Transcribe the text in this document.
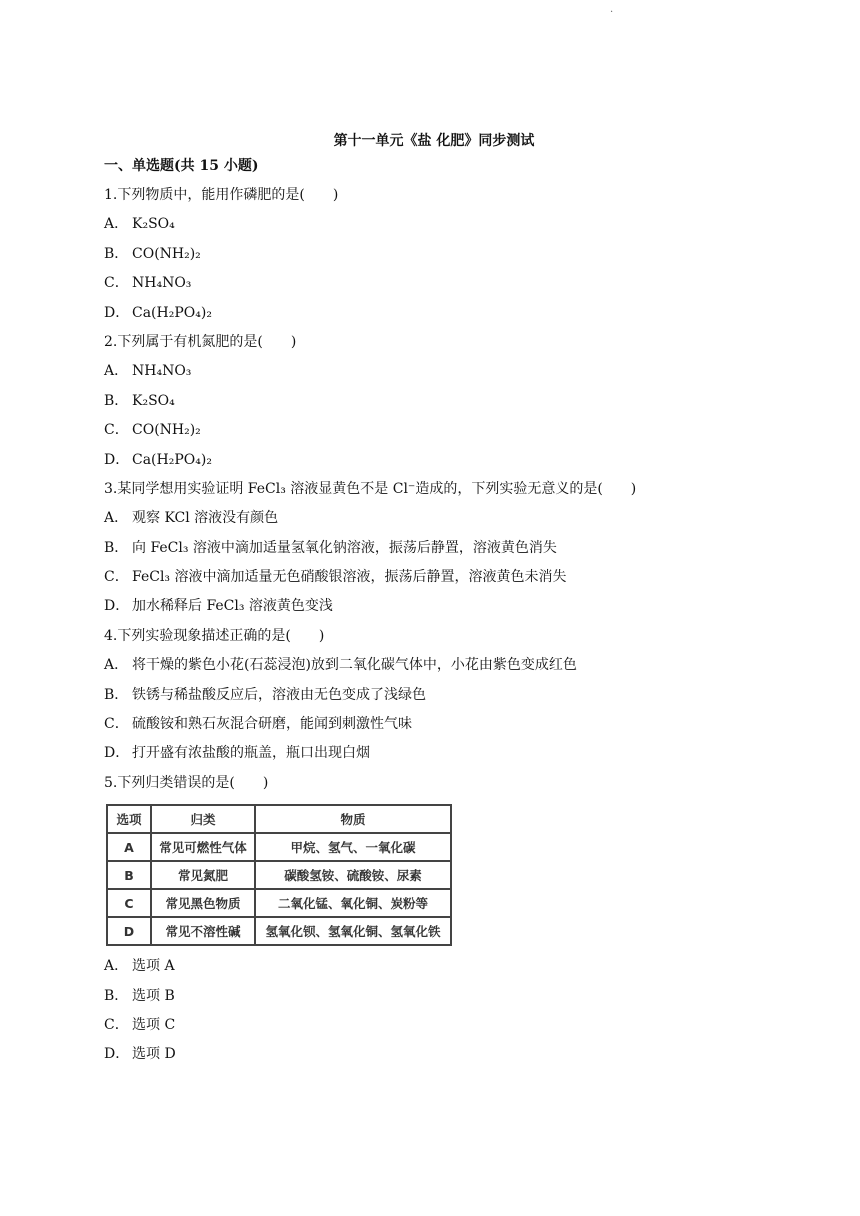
.
第十一单元《盐 化肥》同步测试
一、单选题(共 15 小题)
1.下列物质中，能用作磷肥的是(　　)
A． K₂SO₄
B． CO(NH₂)₂
C． NH₄NO₃
D． Ca(H₂PO₄)₂
2.下列属于有机氮肥的是(　　)
A． NH₄NO₃
B． K₂SO₄
C． CO(NH₂)₂
D． Ca(H₂PO₄)₂
3.某同学想用实验证明 FeCl₃ 溶液显黄色不是 Cl⁻造成的，下列实验无意义的是(　　)
A． 观察 KCl 溶液没有颜色
B． 向 FeCl₃ 溶液中滴加适量氢氧化钠溶液，振荡后静置，溶液黄色消失
C． FeCl₃ 溶液中滴加适量无色硝酸银溶液，振荡后静置，溶液黄色未消失
D． 加水稀释后 FeCl₃ 溶液黄色变浅
4.下列实验现象描述正确的是(　　)
A． 将干燥的紫色小花(石蕊浸泡)放到二氧化碳气体中，小花由紫色变成红色
B． 铁锈与稀盐酸反应后，溶液由无色变成了浅绿色
C． 硫酸铵和熟石灰混合研磨，能闻到刺激性气味
D． 打开盛有浓盐酸的瓶盖，瓶口出现白烟
5.下列归类错误的是(　　)
选项	归类	物质
A	常见可燃性气体	甲烷、氢气、一氧化碳
B	常见氮肥	碳酸氢铵、硫酸铵、尿素
C	常见黑色物质	二氧化锰、氧化铜、炭粉等
D	常见不溶性碱	氢氧化钡、氢氧化铜、氢氧化铁
A． 选项 A
B． 选项 B
C． 选项 C
D． 选项 D
